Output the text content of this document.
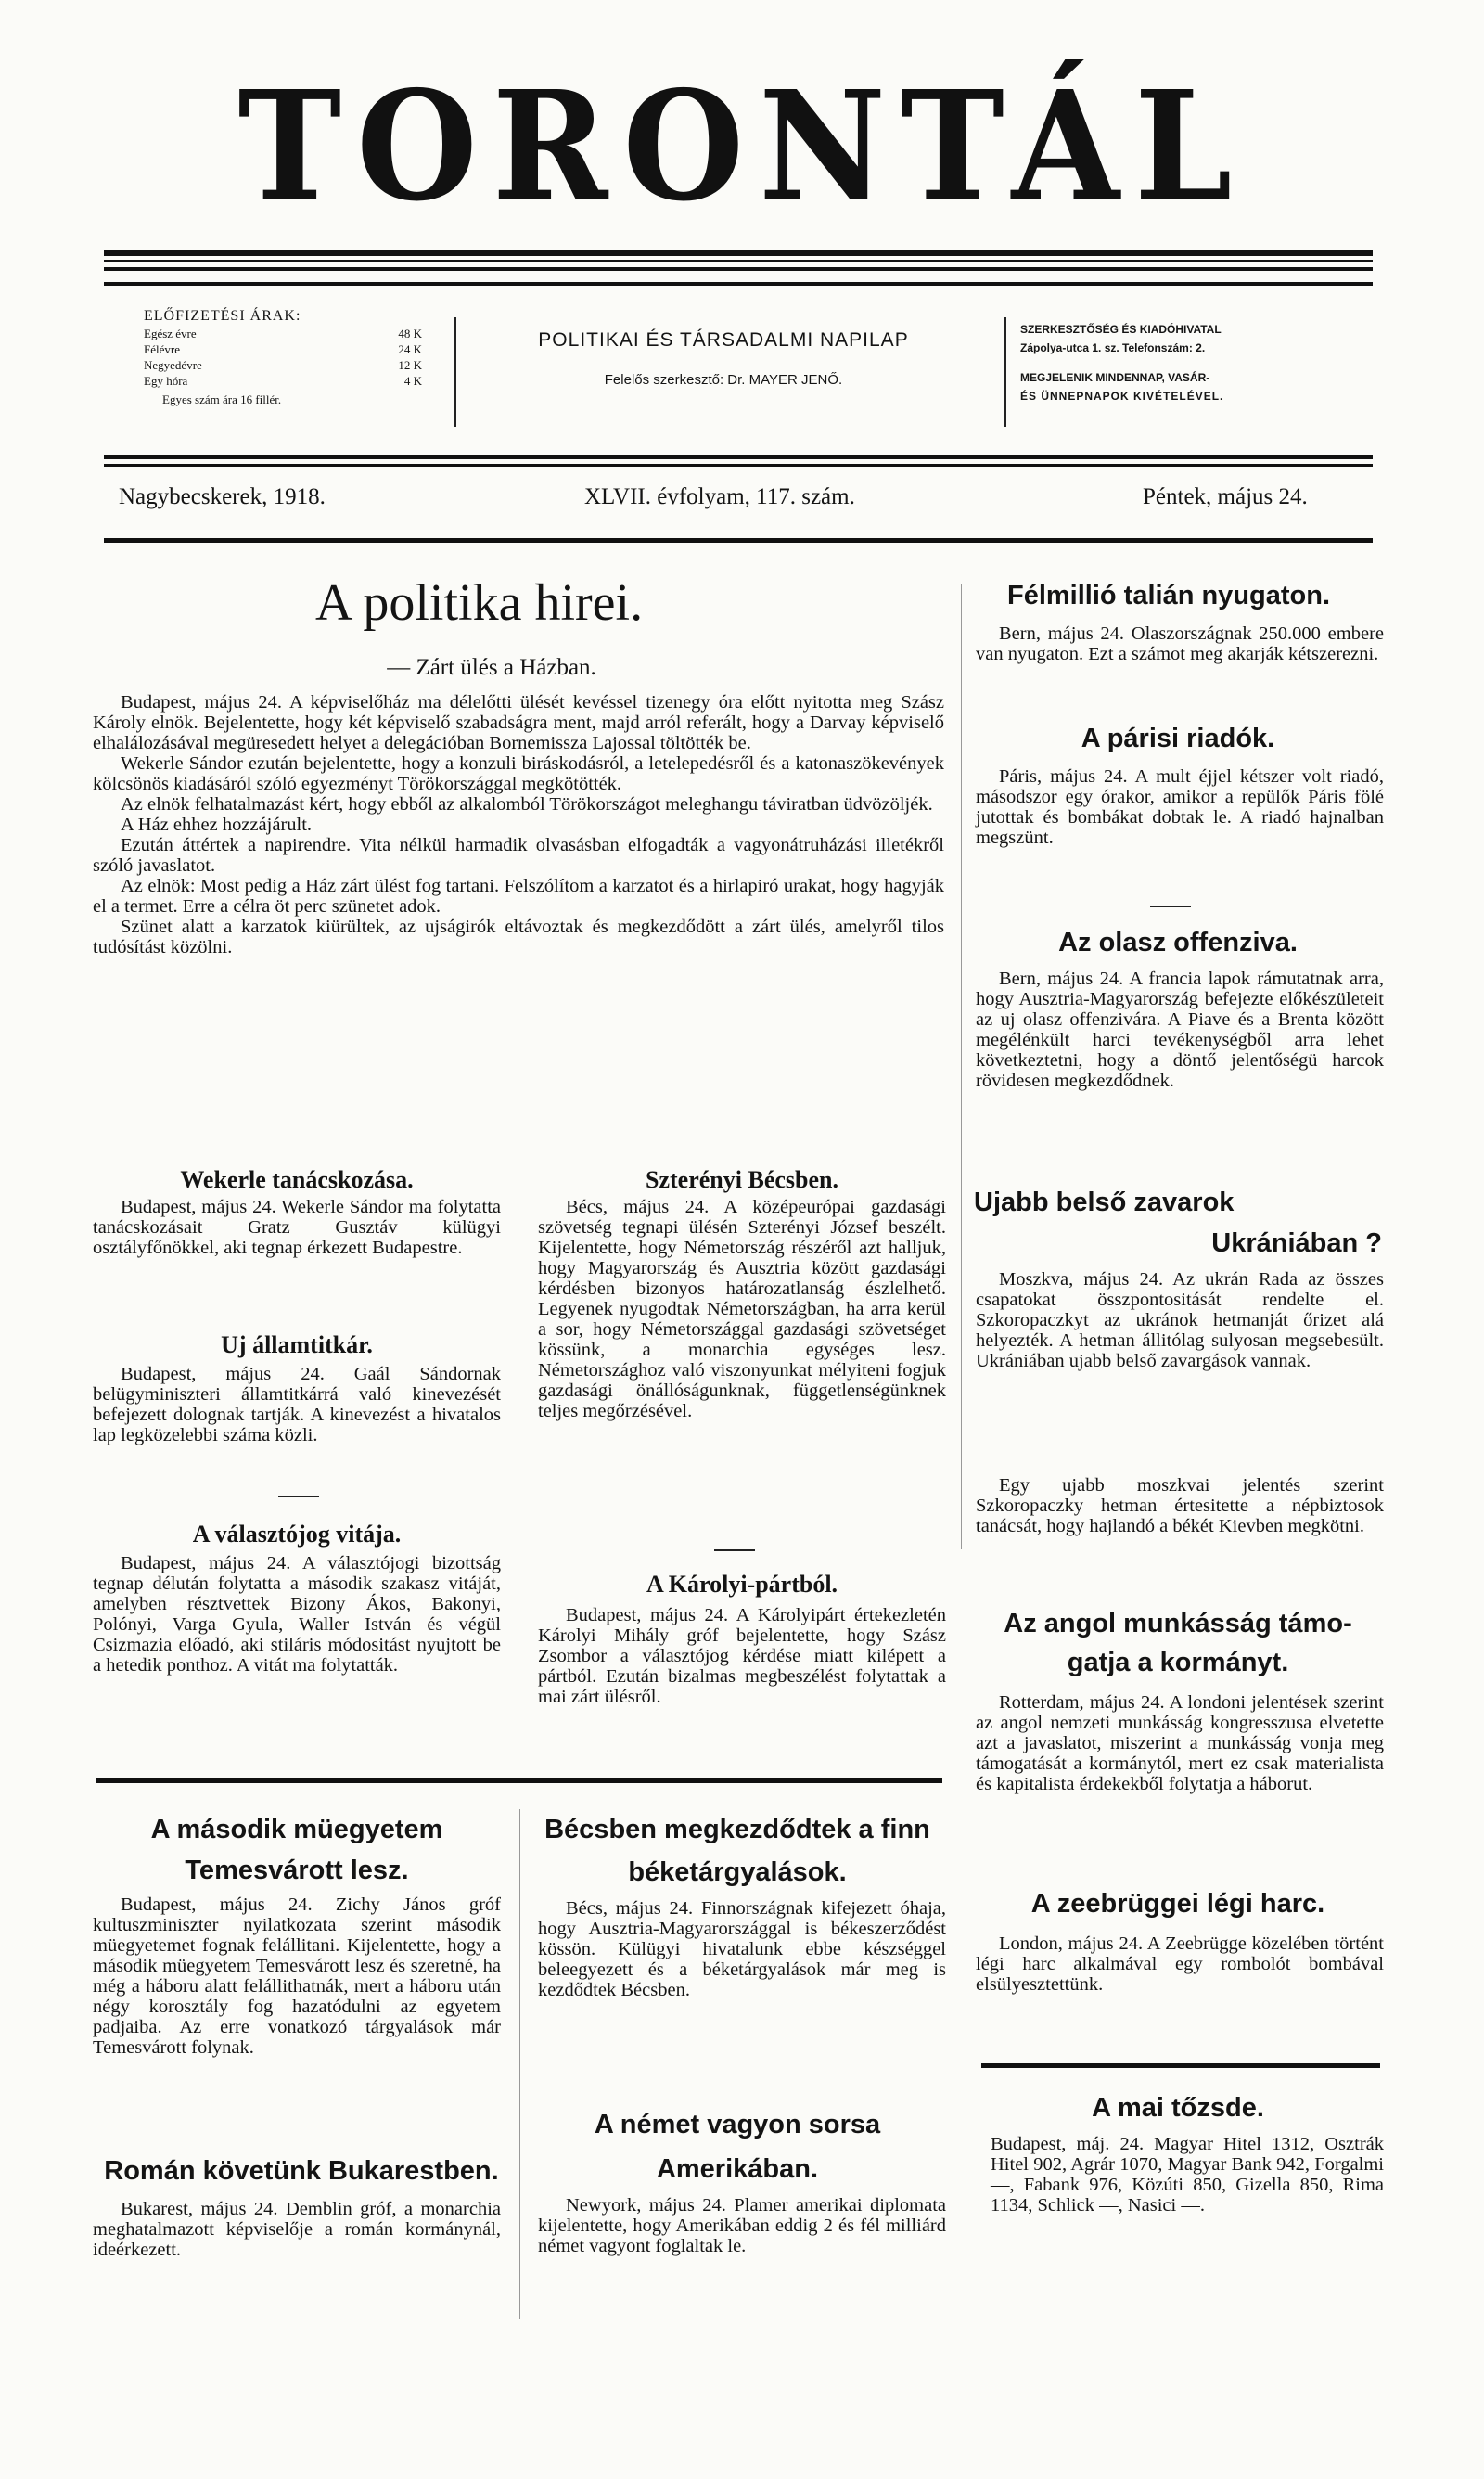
TORONTÁL
ELŐFIZETÉSI ÁRAK:
Egész évre	48 K
Félévre	24 K
Negyedévre	12 K
Egy hóra	4 K
Egyes szám ára 16 fillér.
POLITIKAI ÉS TÁRSADALMI NAPILAP
Felelős szerkesztő: Dr. MAYER JENŐ.
SZERKESZTŐSÉG ÉS KIADÓHIVATAL
Zápolya-utca 1. sz. Telefonszám: 2.
MEGJELENIK MINDENNAP, VASÁR-
ÉS ÜNNEPNAPOK KIVÉTELÉVEL.
Nagybecskerek, 1918.	XLVII. évfolyam, 117. szám.	Péntek, május 24.
A politika hirei.
— Zárt ülés a Házban.

Budapest, május 24. A képviselőház ma délelőtti ülését kevéssel tizenegy óra előtt nyitotta meg Szász Károly elnök. Bejelentette, hogy két képviselő szabadságra ment, majd arról referált, hogy a Darvay képviselő elhalálozásával megüresedett helyet a delegációban Bornemissza Lajossal töltötték be.

Wekerle Sándor ezután bejelentette, hogy a konzuli biráskodásról, a letelepedésről és a katonaszökevények kölcsönös kiadásáról szóló egyezményt Törökországgal megkötötték.

Az elnök felhatalmazást kért, hogy ebből az alkalomból Törökországot meleghangu táviratban üdvözöljék.

A Ház ehhez hozzájárult.

Ezután áttértek a napirendre. Vita nélkül harmadik olvasásban elfogadták a vagyonátruházási illetékről szóló javaslatot.

Az elnök: Most pedig a Ház zárt ülést fog tartani. Felszólítom a karzatot és a hirlapiró urakat, hogy hagyják el a termet. Erre a célra öt perc szünetet adok.

Szünet alatt a karzatok kiürültek, az ujságirók eltávoztak és megkezdődött a zárt ülés, amelyről tilos tudósítást közölni.

Wekerle tanácskozása.
Budapest, május 24. Wekerle Sándor ma folytatta tanácskozásait Gratz Gusztáv külügyi osztályfőnökkel, aki tegnap érkezett Budapestre.
Uj államtitkár.
Budapest, május 24. Gaál Sándornak belügyminiszteri államtitkárrá való kinevezését befejezett dolognak tartják. A kinevezést a hivatalos lap legközelebbi száma közli.
A választójog vitája.
Budapest, május 24. A választójogi bizottság tegnap délután folytatta a második szakasz vitáját, amelyben résztvettek Bizony Ákos, Bakonyi, Polónyi, Varga Gyula, Waller István és végül Csizmazia előadó, aki stiláris módositást nyujtott be a hetedik ponthoz. A vitát ma folytatták.
Szterényi Bécsben.
Bécs, május 24. A középeurópai gazdasági szövetség tegnapi ülésén Szterényi József beszélt. Kijelentette, hogy Németország részéről azt halljuk, hogy Magyarország és Ausztria között gazdasági kérdésben bizonyos határozatlanság észlelhető. Legyenek nyugodtak Németországban, ha arra kerül a sor, hogy Németországgal gazdasági szövetséget kössünk, a monarchia egységes lesz. Németországhoz való viszonyunkat mélyiteni fogjuk gazdasági önállóságunknak, függetlenségünknek teljes megőrzésével.
A Károlyi-pártból.
Budapest, május 24. A Károlyipárt értekezletén Károlyi Mihály gróf bejelentette, hogy Szász Zsombor a választójog kérdése miatt kilépett a pártból. Ezután bizalmas megbeszélést folytattak a mai zárt ülésről.
Félmillió talián nyugaton.
Bern, május 24. Olaszországnak 250.000 embere van nyugaton. Ezt a számot meg akarják kétszerezni.
A párisi riadók.
Páris, május 24. A mult éjjel kétszer volt riadó, másodszor egy órakor, amikor a repülők Páris fölé jutottak és bombákat dobtak le. A riadó hajnalban megszünt.
Az olasz offenziva.
Bern, május 24. A francia lapok rámutatnak arra, hogy Ausztria-Magyarország befejezte előkészületeit az uj olasz offenzivára. A Piave és a Brenta között megélénkült harci tevékenységből arra lehet következtetni, hogy a döntő jelentőségü harcok rövidesen megkezdődnek.
Ujabb belső zavarok
Ukrániában ?
Moszkva, május 24. Az ukrán Rada az összes csapatokat összpontositását rendelte el. Szkoropaczkyt az ukránok hetmanját őrizet alá helyezték. A hetman állitólag sulyosan megsebesült. Ukrániában ujabb belső zavargások vannak.
Egy ujabb moszkvai jelentés szerint Szkoropaczky hetman értesitette a népbiztosok tanácsát, hogy hajlandó a békét Kievben megkötni.
Az angol munkásság támo-
gatja a kormányt.
Rotterdam, május 24. A londoni jelentések szerint az angol nemzeti munkásság kongresszusa elvetette azt a javaslatot, miszerint a munkásság vonja meg támogatását a kormánytól, mert ez csak materialista és kapitalista érdekekből folytatja a háborut.
A zeebrüggei légi harc.
London, május 24. A Zeebrügge közelében történt légi harc alkalmával egy rombolót bombával elsülyesztettünk.
A mai tőzsde.
Budapest, máj. 24. Magyar Hitel 1312, Osztrák Hitel 902, Agrár 1070, Magyar Bank 942, Forgalmi —, Fabank 976, Közúti 850, Gizella 850, Rima 1134, Schlick —, Nasici —.
A második müegyetem
Temesvárott lesz.
Budapest, május 24. Zichy János gróf kultuszminiszter nyilatkozata szerint második müegyetemet fognak felállitani. Kijelentette, hogy a második müegyetem Temesvárott lesz és szeretné, ha még a háboru alatt felállithatnák, mert a háboru után négy korosztály fog hazatódulni az egyetem padjaiba. Az erre vonatkozó tárgyalások már Temesvárott folynak.
Román követünk Bukarestben.
Bukarest, május 24. Demblin gróf, a monarchia meghatalmazott képviselője a román kormánynál, ideérkezett.
Bécsben megkezdődtek a finn
béketárgyalások.
Bécs, május 24. Finnországnak kifejezett óhaja, hogy Ausztria-Magyarországgal is békeszerződést kössön. Külügyi hivatalunk ebbe készséggel beleegyezett és a béketárgyalások már meg is kezdődtek Bécsben.
A német vagyon sorsa
Amerikában.
Newyork, május 24. Plamer amerikai diplomata kijelentette, hogy Amerikában eddig 2 és fél milliárd német vagyont foglaltak le.
